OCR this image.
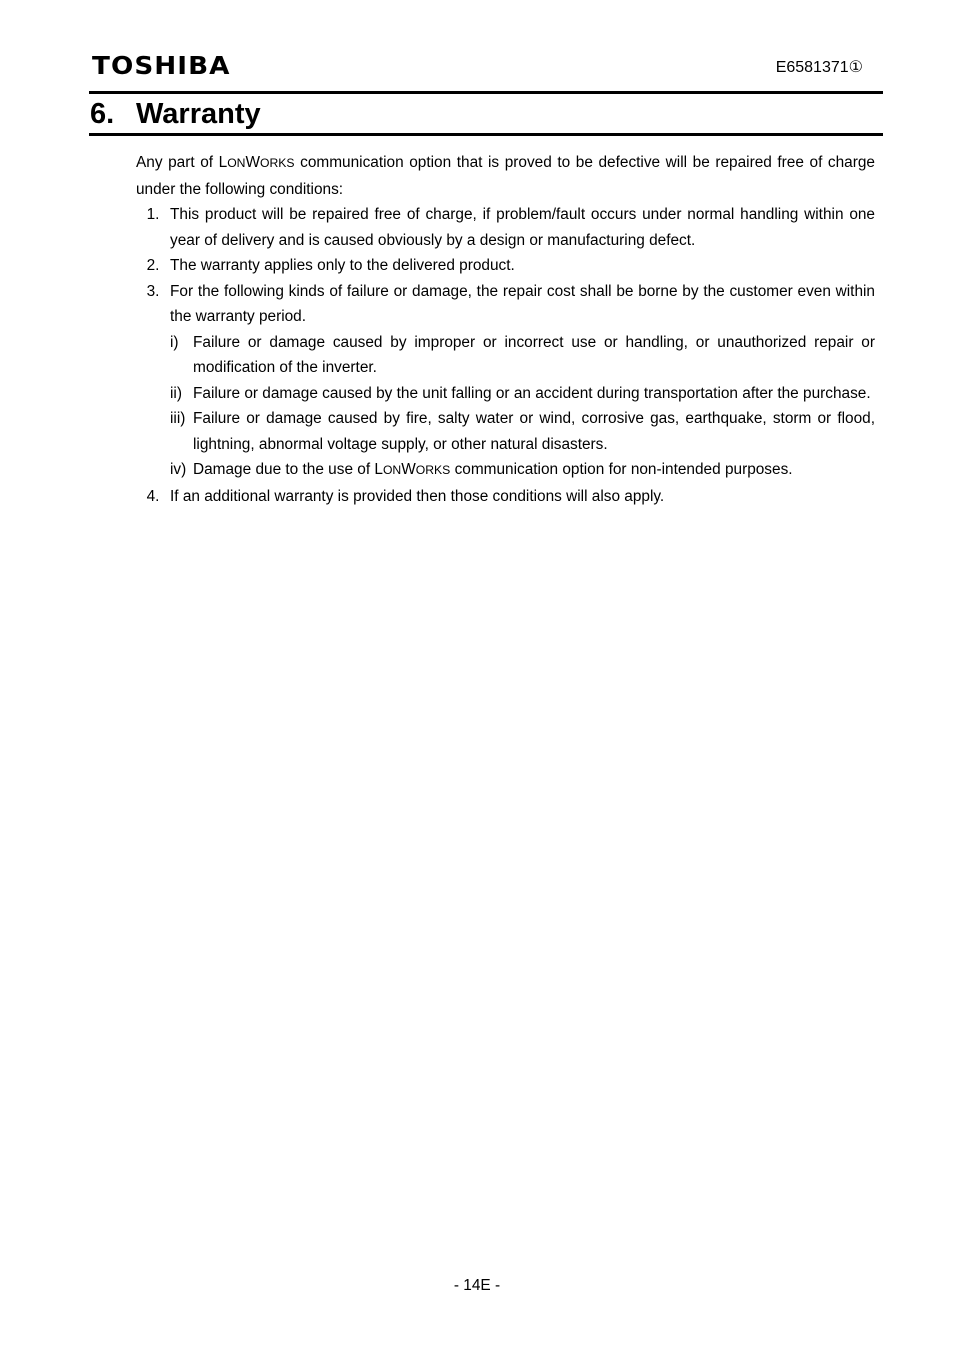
TOSHIBA	E6581371①
6. Warranty

Any part of LONWORKS communication option that is proved to be defective will be repaired free of charge under the following conditions:

1. This product will be repaired free of charge, if problem/fault occurs under normal handling within one year of delivery and is caused obviously by a design or manufacturing defect.
2. The warranty applies only to the delivered product.
3. For the following kinds of failure or damage, the repair cost shall be borne by the customer even within the warranty period.
i) Failure or damage caused by improper or incorrect use or handling, or unauthorized repair or modification of the inverter.
ii) Failure or damage caused by the unit falling or an accident during transportation after the purchase.
iii) Failure or damage caused by fire, salty water or wind, corrosive gas, earthquake, storm or flood, lightning, abnormal voltage supply, or other natural disasters.
iv) Damage due to the use of LONWORKS communication option for non-intended purposes.
4. If an additional warranty is provided then those conditions will also apply.
- 14E -
